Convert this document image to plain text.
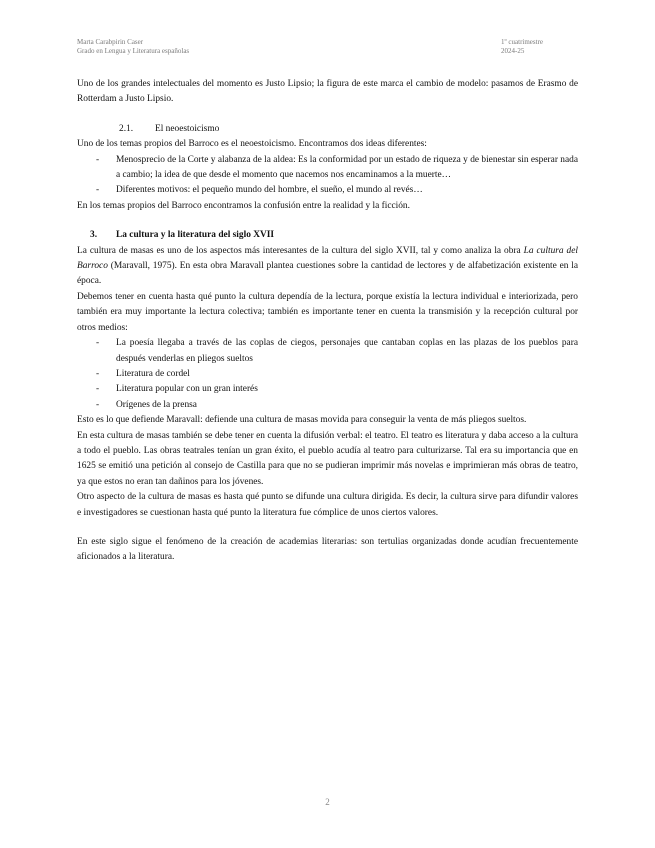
Marta Carabpirin Caser
Grado en Lengua y Literatura españolas
1º cuatrimestre
2024-25

Uno de los grandes intelectuales del momento es Justo Lipsio; la figura de este marca el cambio de modelo: pasamos de Erasmo de Rotterdam a Justo Lipsio.

2.1. El neoestoicismo

Uno de los temas propios del Barroco es el neoestoicismo. Encontramos dos ideas diferentes:

- Menosprecio de la Corte y alabanza de la aldea: Es la conformidad por un estado de riqueza y de bienestar sin esperar nada a cambio; la idea de que desde el momento que nacemos nos encaminamos a la muerte…
- Diferentes motivos: el pequeño mundo del hombre, el sueño, el mundo al revés…

En los temas propios del Barroco encontramos la confusión entre la realidad y la ficción.

3. La cultura y la literatura del siglo XVII

La cultura de masas es uno de los aspectos más interesantes de la cultura del siglo XVII, tal y como analiza la obra La cultura del Barroco (Maravall, 1975). En esta obra Maravall plantea cuestiones sobre la cantidad de lectores y de alfabetización existente en la época.

Debemos tener en cuenta hasta qué punto la cultura dependía de la lectura, porque existía la lectura individual e interiorizada, pero también era muy importante la lectura colectiva; también es importante tener en cuenta la transmisión y la recepción cultural por otros medios:

- La poesía llegaba a través de las coplas de ciegos, personajes que cantaban coplas en las plazas de los pueblos para después venderlas en pliegos sueltos
- Literatura de cordel
- Literatura popular con un gran interés
- Orígenes de la prensa

Esto es lo que defiende Maravall: defiende una cultura de masas movida para conseguir la venta de más pliegos sueltos.

En esta cultura de masas también se debe tener en cuenta la difusión verbal: el teatro. El teatro es literatura y daba acceso a la cultura a todo el pueblo. Las obras teatrales tenían un gran éxito, el pueblo acudía al teatro para culturizarse. Tal era su importancia que en 1625 se emitió una petición al consejo de Castilla para que no se pudieran imprimir más novelas e imprimieran más obras de teatro, ya que estos no eran tan dañinos para los jóvenes.

Otro aspecto de la cultura de masas es hasta qué punto se difunde una cultura dirigida. Es decir, la cultura sirve para difundir valores e investigadores se cuestionan hasta qué punto la literatura fue cómplice de unos ciertos valores.

En este siglo sigue el fenómeno de la creación de academias literarias: son tertulias organizadas donde acudían frecuentemente aficionados a la literatura.

2
